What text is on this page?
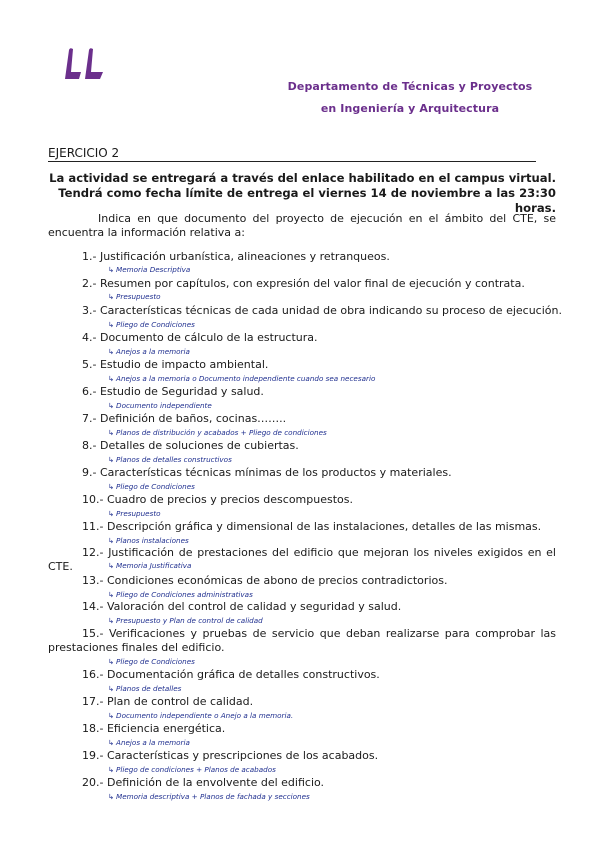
Departamento de Técnicas y Proyectos
en Ingeniería y Arquitectura
EJERCICIO 2
La actividad se entregará a través del enlace habilitado en el campus virtual. Tendrá como fecha límite de entrega el viernes 14 de noviembre a las 23:30 horas.
Indica en que documento del proyecto de ejecución en el ámbito del CTE, se encuentra la información relativa a:
1.- Justificación urbanística, alineaciones y retranqueos.
↳ Memoria Descriptiva
2.- Resumen por capítulos, con expresión del valor final de ejecución y contrata.
↳ Presupuesto
3.- Características técnicas de cada unidad de obra indicando su proceso de ejecución.
↳ Pliego de Condiciones
4.- Documento de cálculo de la estructura.
↳ Anejos a la memoria
5.- Estudio de impacto ambiental.
↳ Anejos a la memoria o Documento independiente cuando sea necesario
6.- Estudio de Seguridad y salud.
↳ Documento independiente
7.- Definición de baños, cocinas……..
↳ Planos de distribución y acabados + Pliego de condiciones
8.- Detalles de soluciones de cubiertas.
↳ Planos de detalles constructivos
9.- Características técnicas mínimas de los productos y materiales.
↳ Pliego de Condiciones
10.- Cuadro de precios y precios descompuestos.
↳ Presupuesto
11.- Descripción gráfica y dimensional de las instalaciones, detalles de las mismas.
↳ Planos instalaciones
12.- Justificación de prestaciones del edificio que mejoran los niveles exigidos en el CTE.	↳ Memoria Justificativa
13.- Condiciones económicas de abono de precios contradictorios.
↳ Pliego de Condiciones administrativas
14.- Valoración del control de calidad y seguridad y salud.
↳ Presupuesto y Plan de control de calidad
15.- Verificaciones y pruebas de servicio que deban realizarse para comprobar las prestaciones finales del edificio.
↳ Pliego de Condiciones
16.- Documentación gráfica de detalles constructivos.
↳ Planos de detalles
17.- Plan de control de calidad.
↳ Documento independiente o Anejo a la memoria.
18.- Eficiencia energética.
↳ Anejos a la memoria
19.- Características y prescripciones de los acabados.
↳ Pliego de condiciones + Planos de acabados
20.- Definición de la envolvente del edificio.
↳ Memoria descriptiva + Planos de fachada y secciones
